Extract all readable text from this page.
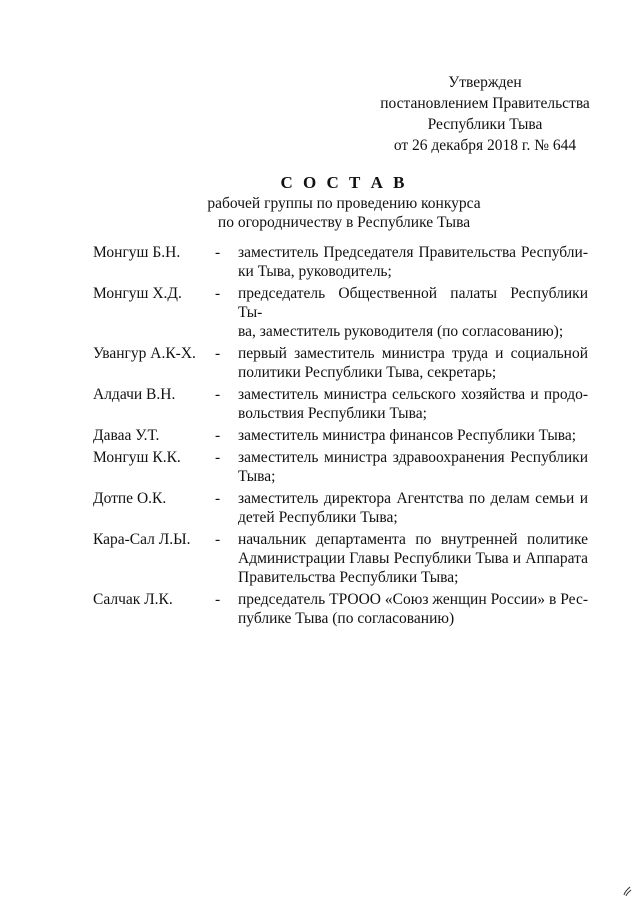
Утвержден
постановлением Правительства
Республики Тыва
от 26 декабря 2018 г. № 644
С О С Т А В
рабочей группы по проведению конкурса
по огородничеству в Республике Тыва
Монгуш Б.Н.	-	заместитель Председателя Правительства Республи-
ки Тыва, руководитель;
Монгуш Х.Д.	-	председатель Общественной палаты Республики Ты-
ва, заместитель руководителя (по согласованию);
Увангур А.К-Х.	-	первый заместитель министра труда и социальной
политики Республики Тыва, секретарь;
Алдачи В.Н.	-	заместитель министра сельского хозяйства и продо-
вольствия Республики Тыва;
Даваа У.Т.	-	заместитель министра финансов Республики Тыва;
Монгуш К.К.	-	заместитель министра здравоохранения Республики
Тыва;
Дотпе О.К.	-	заместитель директора Агентства по делам семьи и
детей Республики Тыва;
Кара-Сал Л.Ы.	-	начальник департамента по внутренней политике
Администрации Главы Республики Тыва и Аппарата
Правительства Республики Тыва;
Салчак Л.К.	-	председатель ТРООО «Союз женщин России» в Рес-
публике Тыва (по согласованию)
